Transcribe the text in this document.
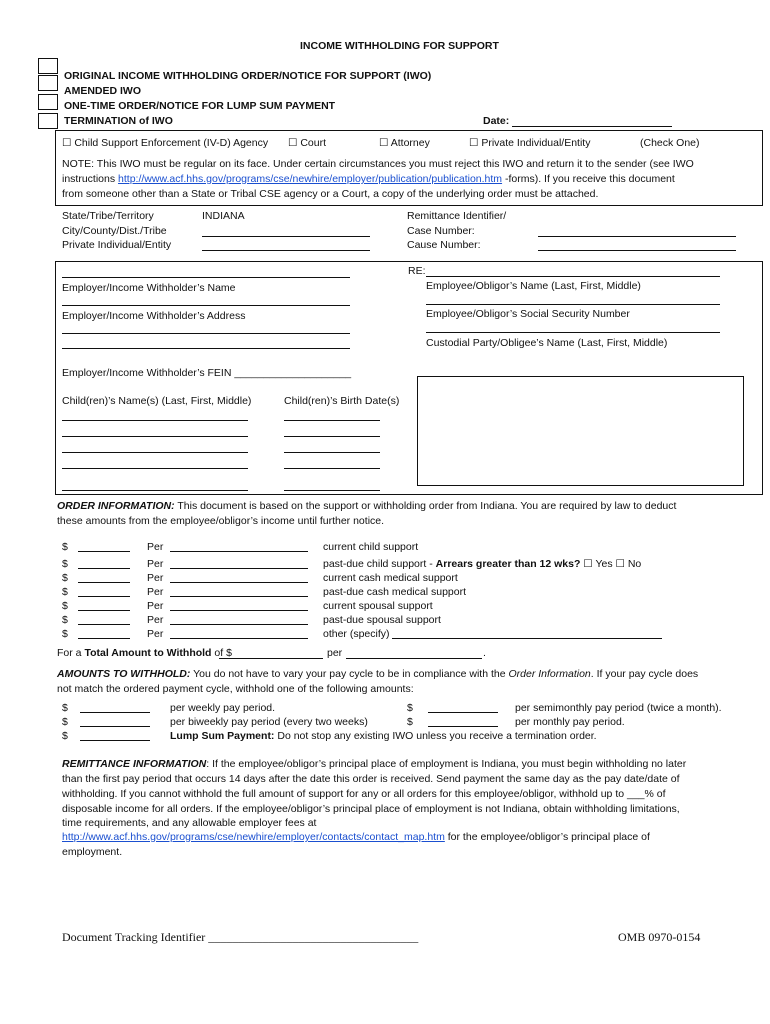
INCOME WITHHOLDING FOR SUPPORT
ORIGINAL INCOME WITHHOLDING ORDER/NOTICE FOR SUPPORT (IWO)
AMENDED IWO
ONE-TIME ORDER/NOTICE FOR LUMP SUM PAYMENT
TERMINATION of IWO	Date:
☐ Child Support Enforcement (IV-D) Agency ☐ Court	☐ Attorney	☐ Private Individual/Entity	(Check One)
NOTE: This IWO must be regular on its face. Under certain circumstances you must reject this IWO and return it to the sender (see IWO
instructions http://www.acf.hhs.gov/programs/cse/newhire/employer/publication/publication.htm -forms). If you receive this document
from someone other than a State or Tribal CSE agency or a Court, a copy of the underlying order must be attached.
State/Tribe/Territory	INDIANA
City/County/Dist./Tribe
Private Individual/Entity
Remittance Identifier/
Case Number:
Cause Number:
Employer/Income Withholder’s Name
Employer/Income Withholder’s Address
Employer/Income Withholder’s FEIN ____________________
RE:
Employee/Obligor’s Name (Last, First, Middle)
Employee/Obligor’s Social Security Number
Custodial Party/Obligee’s Name (Last, First, Middle)
Child(ren)’s Name(s) (Last, First, Middle)	Child(ren)’s Birth Date(s)
ORDER INFORMATION: This document is based on the support or withholding order from Indiana. You are required by law to deduct
these amounts from the employee/obligor’s income until further notice.
$	Per	current child support
$	Per	past-due child support - Arrears greater than 12 wks? ☐ Yes ☐ No
$	Per	current cash medical support
$	Per	past-due cash medical support
$	Per	current spousal support
$	Per	past-due spousal support
$	Per	other (specify)
For a Total Amount to Withhold of $	per	.
AMOUNTS TO WITHHOLD: You do not have to vary your pay cycle to be in compliance with the Order Information. If your pay cycle does
not match the ordered payment cycle, withhold one of the following amounts:
$	per weekly pay period.	$	per semimonthly pay period (twice a month).
$	per biweekly pay period (every two weeks)	$	per monthly pay period.
$	Lump Sum Payment: Do not stop any existing IWO unless you receive a termination order.
REMITTANCE INFORMATION: If the employee/obligor’s principal place of employment is Indiana, you must begin withholding no later
than the first pay period that occurs 14 days after the date this order is received. Send payment the same day as the pay date/date of
withholding. If you cannot withhold the full amount of support for any or all orders for this employee/obligor, withhold up to ___% of
disposable income for all orders. If the employee/obligor’s principal place of employment is not Indiana, obtain withholding limitations,
time requirements, and any allowable employer fees at
http://www.acf.hhs.gov/programs/cse/newhire/employer/contacts/contact_map.htm for the employee/obligor’s principal place of
employment.
Document Tracking Identifier ___________________________________	OMB 0970-0154
